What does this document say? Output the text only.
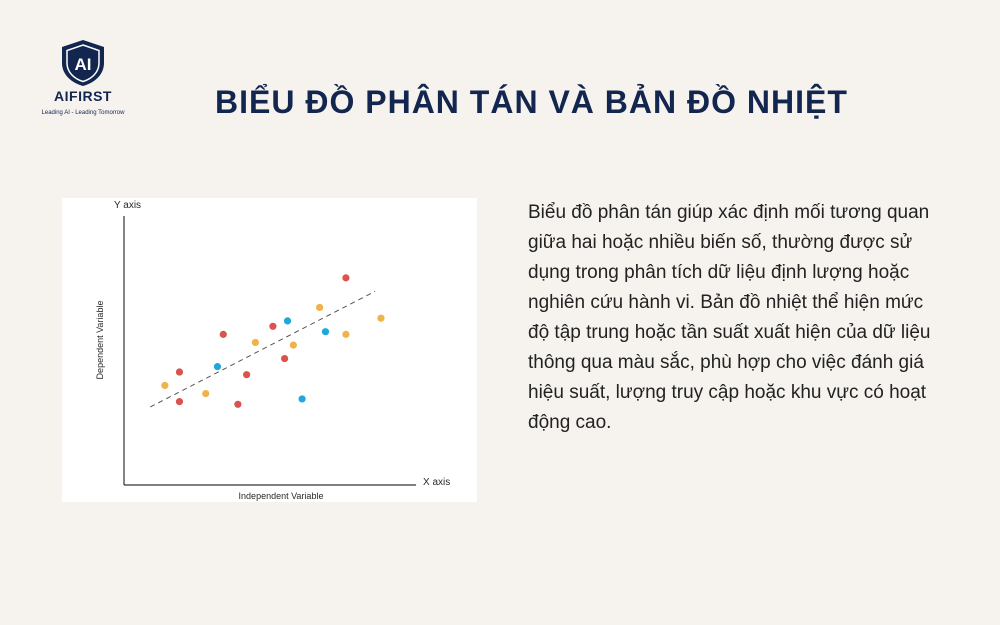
AI
AIFIRST
Leading AI - Leading Tomorrow	BIỂU ĐỒ PHÂN TÁN VÀ BẢN ĐỒ NHIỆT
Y axis
X axis
Independent Variable
Dependent Variable

Biểu đồ phân tán giúp xác định mối tương quan giữa hai hoặc nhiều biến số, thường được sử dụng trong phân tích dữ liệu định lượng hoặc nghiên cứu hành vi. Bản đồ nhiệt thể hiện mức độ tập trung hoặc tần suất xuất hiện của dữ liệu thông qua màu sắc, phù hợp cho việc đánh giá hiệu suất, lượng truy cập hoặc khu vực có hoạt động cao.
